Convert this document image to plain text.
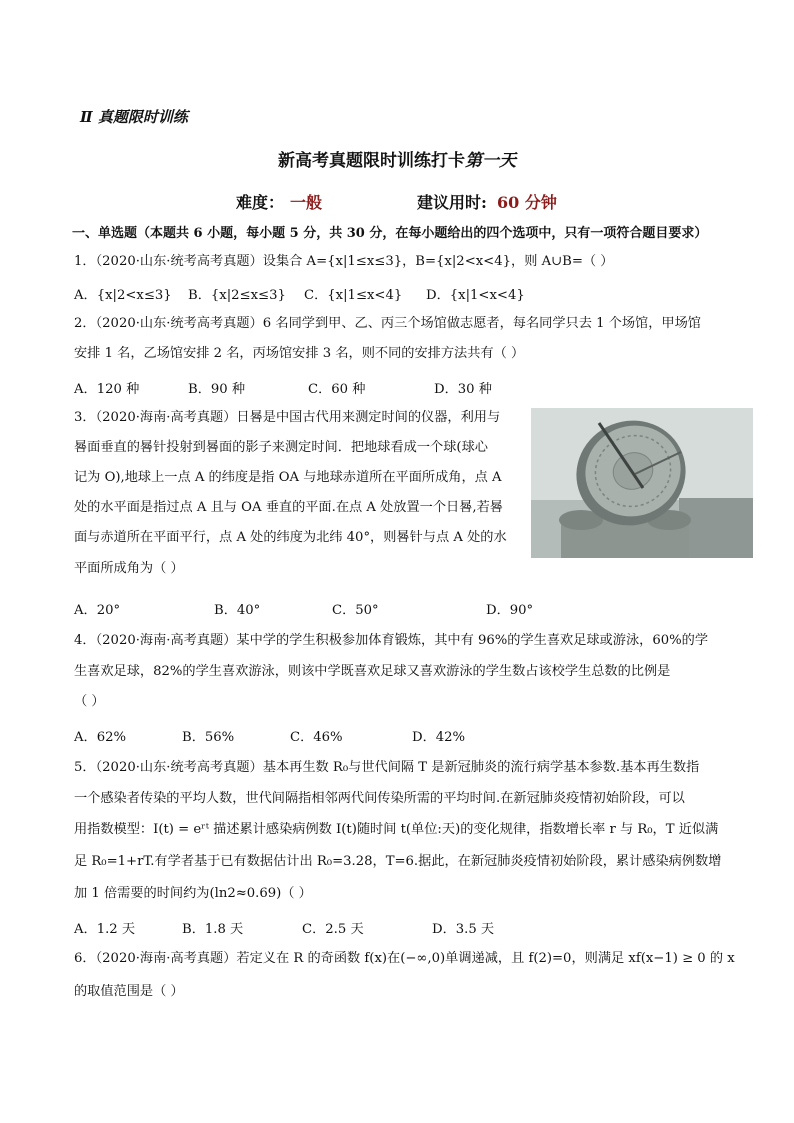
Ⅱ 真题限时训练
新高考真题限时训练打卡第一天
难度： 一般	建议用时: 60 分钟
一、单选题（本题共 6 小题，每小题 5 分，共 30 分，在每小题给出的四个选项中，只有一项符合题目要求）
1．（2020·山东·统考高考真题）设集合 A={x|1≤x≤3}，B={x|2<x<4}，则 A∪B=（ ）
A．{x|2<x≤3} B．{x|2≤x≤3} C．{x|1≤x<4} D．{x|1<x<4}
2．（2020·山东·统考高考真题）6 名同学到甲、乙、丙三个场馆做志愿者，每名同学只去 1 个场馆，甲场馆
安排 1 名，乙场馆安排 2 名，丙场馆安排 3 名，则不同的安排方法共有（ ）
A．120 种	B．90 种	C．60 种	D．30 种
3．（2020·海南·高考真题）日晷是中国古代用来测定时间的仪器，利用与
晷面垂直的晷针投射到晷面的影子来测定时间．把地球看成一个球(球心
记为 O),地球上一点 A 的纬度是指 OA 与地球赤道所在平面所成角，点 A
处的水平面是指过点 A 且与 OA 垂直的平面.在点 A 处放置一个日晷,若晷
面与赤道所在平面平行，点 A 处的纬度为北纬 40°，则晷针与点 A 处的水
平面所成角为（ ）
A．20°	B．40°	C．50°	D．90°
4．（2020·海南·高考真题）某中学的学生积极参加体育锻炼，其中有 96%的学生喜欢足球或游泳，60%的学
生喜欢足球，82%的学生喜欢游泳，则该中学既喜欢足球又喜欢游泳的学生数占该校学生总数的比例是
（ ）
A．62%	B．56%	C．46%	D．42%
5．（2020·山东·统考高考真题）基本再生数 R₀与世代间隔 T 是新冠肺炎的流行病学基本参数.基本再生数指
一个感染者传染的平均人数，世代间隔指相邻两代间传染所需的平均时间.在新冠肺炎疫情初始阶段，可以
用指数模型：I(t) = eʳᵗ 描述累计感染病例数 I(t)随时间 t(单位:天)的变化规律，指数增长率 r 与 R₀，T 近似满
足 R₀=1+rT.有学者基于已有数据估计出 R₀=3.28，T=6.据此，在新冠肺炎疫情初始阶段，累计感染病例数增
加 1 倍需要的时间约为(ln2≈0.69)（ ）
A．1.2 天	B．1.8 天	C．2.5 天	D．3.5 天
6．（2020·海南·高考真题）若定义在 R 的奇函数 f(x)在(−∞,0)单调递减，且 f(2)=0，则满足 xf(x−1) ≥ 0 的 x
的取值范围是（ ）
